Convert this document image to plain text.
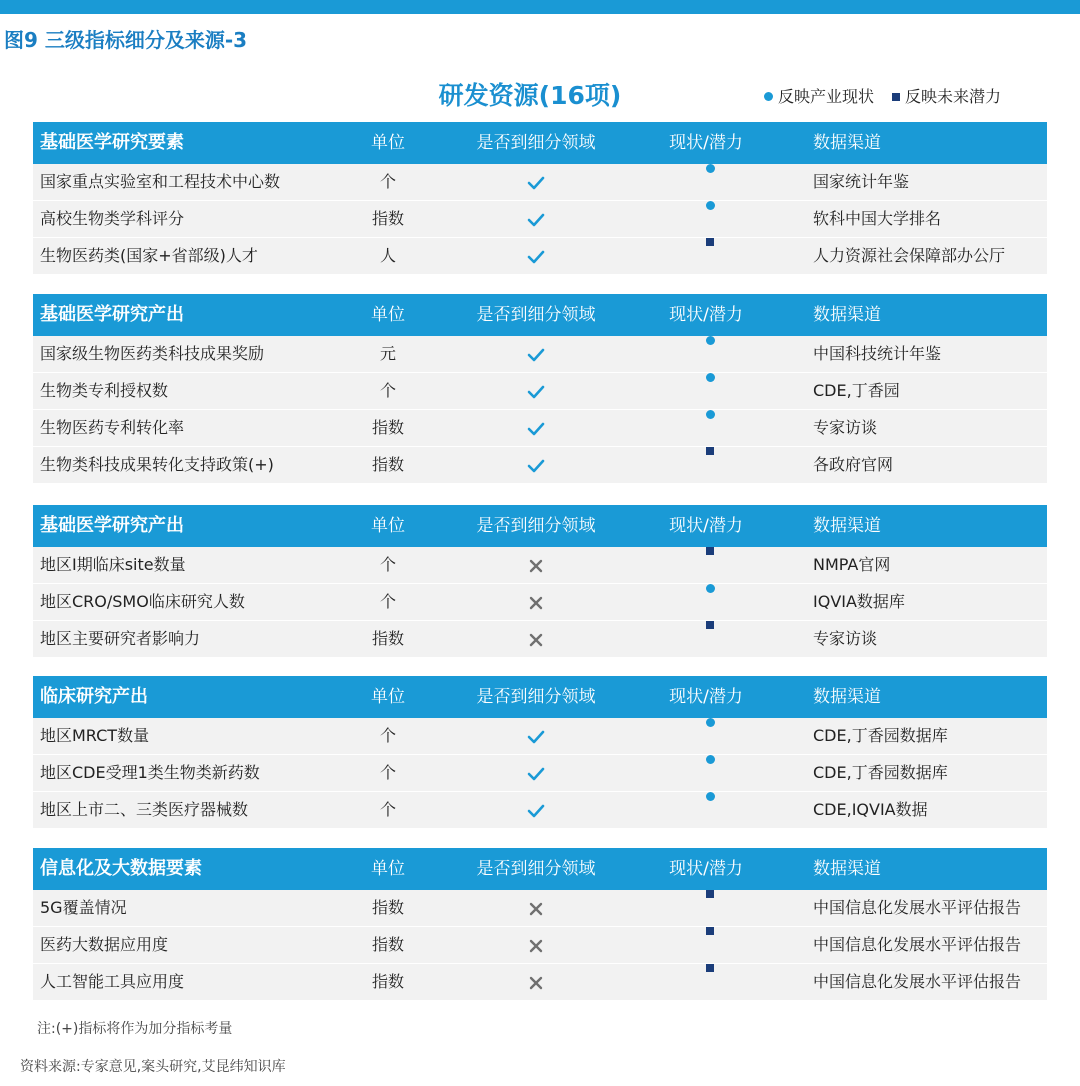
图9 三级指标细分及来源-3
研发资源(16项)	反映产业现状 反映未来潜力
基础医学研究要素	单位	是否到细分领域	现状/潜力	数据渠道
国家重点实验室和工程技术中心数	个	国家统计年鉴
高校生物类学科评分	指数	软科中国大学排名
生物医药类(国家+省部级)人才	人	人力资源社会保障部办公厅
基础医学研究产出	单位	是否到细分领域	现状/潜力	数据渠道
国家级生物医药类科技成果奖励	元	中国科技统计年鉴
生物类专利授权数	个	CDE,丁香园
生物医药专利转化率	指数	专家访谈
生物类科技成果转化支持政策(+)	指数	各政府官网
基础医学研究产出	单位	是否到细分领域	现状/潜力	数据渠道
地区I期临床site数量	个	NMPA官网
地区CRO/SMO临床研究人数	个	IQVIA数据库
地区主要研究者影响力	指数	专家访谈
临床研究产出	单位	是否到细分领域	现状/潜力	数据渠道
地区MRCT数量	个	CDE,丁香园数据库
地区CDE受理1类生物类新药数	个	CDE,丁香园数据库
地区上市二、三类医疗器械数	个	CDE,IQVIA数据
信息化及大数据要素	单位	是否到细分领域	现状/潜力	数据渠道
5G覆盖情况	指数	中国信息化发展水平评估报告
医药大数据应用度	指数	中国信息化发展水平评估报告
人工智能工具应用度	指数	中国信息化发展水平评估报告
注:(+)指标将作为加分指标考量
资料来源:专家意见,案头研究,艾昆纬知识库
